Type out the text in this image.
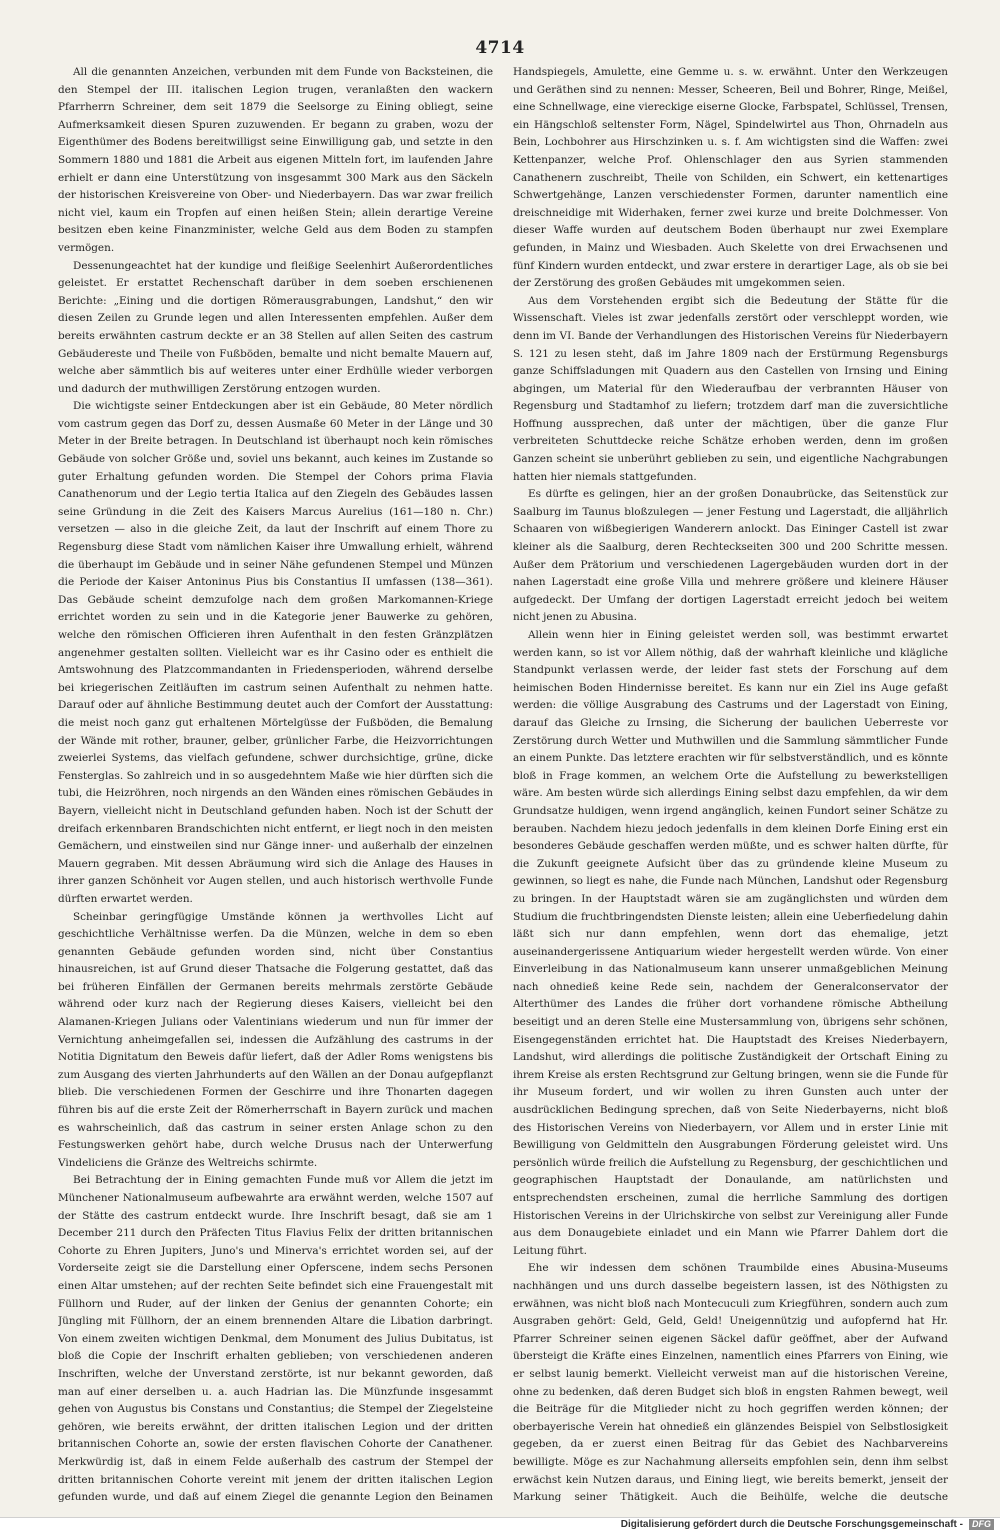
4714

All die genannten Anzeichen, verbunden mit dem Funde von Backsteinen, die den Stempel der III. italischen Legion trugen, veranlaßten den wackern Pfarrherrn Schreiner, dem seit 1879 die Seelsorge zu Eining obliegt, seine Aufmerksamkeit diesen Spuren zuzuwenden. Er begann zu graben, wozu der Eigenthümer des Bodens bereitwilligst seine Einwilligung gab, und setzte in den Sommern 1880 und 1881 die Arbeit aus eigenen Mitteln fort, im laufenden Jahre erhielt er dann eine Unterstützung von insgesammt 300 Mark aus den Säckeln der historischen Kreisvereine von Ober- und Niederbayern. Das war zwar freilich nicht viel, kaum ein Tropfen auf einen heißen Stein; allein derartige Vereine besitzen eben keine Finanzminister, welche Geld aus dem Boden zu stampfen vermögen.

Dessenungeachtet hat der kundige und fleißige Seelenhirt Außerordentliches geleistet. Er erstattet Rechenschaft darüber in dem soeben erschienenen Berichte: „Eining und die dortigen Römerausgrabungen, Landshut,“ den wir diesen Zeilen zu Grunde legen und allen Interessenten empfehlen. Außer dem bereits erwähnten castrum deckte er an 38 Stellen auf allen Seiten des castrum Gebäudereste und Theile von Fußböden, bemalte und nicht bemalte Mauern auf, welche aber sämmtlich bis auf weiteres unter einer Erdhülle wieder verborgen und dadurch der muthwilligen Zerstörung entzogen wurden.

Die wichtigste seiner Entdeckungen aber ist ein Gebäude, 80 Meter nördlich vom castrum gegen das Dorf zu, dessen Ausmaße 60 Meter in der Länge und 30 Meter in der Breite betragen. In Deutschland ist überhaupt noch kein römisches Gebäude von solcher Größe und, soviel uns bekannt, auch keines im Zustande so guter Erhaltung gefunden worden. Die Stempel der Cohors prima Flavia Canathenorum und der Legio tertia Italica auf den Ziegeln des Gebäudes lassen seine Gründung in die Zeit des Kaisers Marcus Aurelius (161—180 n. Chr.) versetzen — also in die gleiche Zeit, da laut der Inschrift auf einem Thore zu Regensburg diese Stadt vom nämlichen Kaiser ihre Umwallung erhielt, während die überhaupt im Gebäude und in seiner Nähe gefundenen Stempel und Münzen die Periode der Kaiser Antoninus Pius bis Constantius II umfassen (138—361). Das Gebäude scheint demzufolge nach dem großen Markomannen-Kriege errichtet worden zu sein und in die Kategorie jener Bauwerke zu gehören, welche den römischen Officieren ihren Aufenthalt in den festen Gränzplätzen angenehmer gestalten sollten. Vielleicht war es ihr Casino oder es enthielt die Amtswohnung des Platzcommandanten in Friedensperioden, während derselbe bei kriegerischen Zeitläuften im castrum seinen Aufenthalt zu nehmen hatte. Darauf oder auf ähnliche Bestimmung deutet auch der Comfort der Ausstattung: die meist noch ganz gut erhaltenen Mörtelgüsse der Fußböden, die Bemalung der Wände mit rother, brauner, gelber, grünlicher Farbe, die Heizvorrichtungen zweierlei Systems, das vielfach gefundene, schwer durchsichtige, grüne, dicke Fensterglas. So zahlreich und in so ausgedehntem Maße wie hier dürften sich die tubi, die Heizröhren, noch nirgends an den Wänden eines römischen Gebäudes in Bayern, vielleicht nicht in Deutschland gefunden haben. Noch ist der Schutt der dreifach erkennbaren Brandschichten nicht entfernt, er liegt noch in den meisten Gemächern, und einstweilen sind nur Gänge inner- und außerhalb der einzelnen Mauern gegraben. Mit dessen Abräumung wird sich die Anlage des Hauses in ihrer ganzen Schönheit vor Augen stellen, und auch historisch werthvolle Funde dürften erwartet werden.

Scheinbar geringfügige Umstände können ja werthvolles Licht auf geschichtliche Verhältnisse werfen. Da die Münzen, welche in dem so eben genannten Gebäude gefunden worden sind, nicht über Constantius hinausreichen, ist auf Grund dieser Thatsache die Folgerung gestattet, daß das bei früheren Einfällen der Germanen bereits mehrmals zerstörte Gebäude während oder kurz nach der Regierung dieses Kaisers, vielleicht bei den Alamanen-Kriegen Julians oder Valentinians wiederum und nun für immer der Vernichtung anheimgefallen sei, indessen die Aufzählung des castrums in der Notitia Dignitatum den Beweis dafür liefert, daß der Adler Roms wenigstens bis zum Ausgang des vierten Jahrhunderts auf den Wällen an der Donau aufgepflanzt blieb. Die verschiedenen Formen der Geschirre und ihre Thonarten dagegen führen bis auf die erste Zeit der Römerherrschaft in Bayern zurück und machen es wahrscheinlich, daß das castrum in seiner ersten Anlage schon zu den Festungswerken gehört habe, durch welche Drusus nach der Unterwerfung Vindeliciens die Gränze des Weltreichs schirmte.

Bei Betrachtung der in Eining gemachten Funde muß vor Allem die jetzt im Münchener Nationalmuseum aufbewahrte ara erwähnt werden, welche 1507 auf der Stätte des castrum entdeckt wurde. Ihre Inschrift besagt, daß sie am 1 December 211 durch den Präfecten Titus Flavius Felix der dritten britannischen Cohorte zu Ehren Jupiters, Juno's und Minerva's errichtet worden sei, auf der Vorderseite zeigt sie die Darstellung einer Opferscene, indem sechs Personen einen Altar umstehen; auf der rechten Seite befindet sich eine Frauengestalt mit Füllhorn und Ruder, auf der linken der Genius der genannten Cohorte; ein Jüngling mit Füllhorn, der an einem brennenden Altare die Libation darbringt. Von einem zweiten wichtigen Denkmal, dem Monument des Julius Dubitatus, ist bloß die Copie der Inschrift erhalten geblieben; von verschiedenen anderen Inschriften, welche der Unverstand zerstörte, ist nur bekannt geworden, daß man auf einer derselben u. a. auch Hadrian las. Die Münzfunde insgesammt gehen von Augustus bis Constans und Constantius; die Stempel der Ziegelsteine gehören, wie bereits erwähnt, der dritten italischen Legion und der dritten britannischen Cohorte an, sowie der ersten flavischen Cohorte der Canathener. Merkwürdig ist, daß in einem Felde außerhalb des castrum der Stempel der dritten britannischen Cohorte vereint mit jenem der dritten italischen Legion gefunden wurde, und daß auf einem Ziegel die genannte Legion den Beinamen

Handspiegels, Amulette, eine Gemme u. s. w. erwähnt. Unter den Werkzeugen und Geräthen sind zu nennen: Messer, Scheeren, Beil und Bohrer, Ringe, Meißel, eine Schnellwage, eine viereckige eiserne Glocke, Farbspatel, Schlüssel, Trensen, ein Hängschloß seltenster Form, Nägel, Spindelwirtel aus Thon, Ohrnadeln aus Bein, Lochbohrer aus Hirschzinken u. s. f. Am wichtigsten sind die Waffen: zwei Kettenpanzer, welche Prof. Ohlenschlager den aus Syrien stammenden Canathenern zuschreibt, Theile von Schilden, ein Schwert, ein kettenartiges Schwertgehänge, Lanzen verschiedenster Formen, darunter namentlich eine dreischneidige mit Widerhaken, ferner zwei kurze und breite Dolchmesser. Von dieser Waffe wurden auf deutschem Boden überhaupt nur zwei Exemplare gefunden, in Mainz und Wiesbaden. Auch Skelette von drei Erwachsenen und fünf Kindern wurden entdeckt, und zwar erstere in derartiger Lage, als ob sie bei der Zerstörung des großen Gebäudes mit umgekommen seien.

Aus dem Vorstehenden ergibt sich die Bedeutung der Stätte für die Wissenschaft. Vieles ist zwar jedenfalls zerstört oder verschleppt worden, wie denn im VI. Bande der Verhandlungen des Historischen Vereins für Niederbayern S. 121 zu lesen steht, daß im Jahre 1809 nach der Erstürmung Regensburgs ganze Schiffsladungen mit Quadern aus den Castellen von Irnsing und Eining abgingen, um Material für den Wiederaufbau der verbrannten Häuser von Regensburg und Stadtamhof zu liefern; trotzdem darf man die zuversichtliche Hoffnung aussprechen, daß unter der mächtigen, über die ganze Flur verbreiteten Schuttdecke reiche Schätze erhoben werden, denn im großen Ganzen scheint sie unberührt geblieben zu sein, und eigentliche Nachgrabungen hatten hier niemals stattgefunden.

Es dürfte es gelingen, hier an der großen Donaubrücke, das Seitenstück zur Saalburg im Taunus bloßzulegen — jener Festung und Lagerstadt, die alljährlich Schaaren von wißbegierigen Wanderern anlockt. Das Eininger Castell ist zwar kleiner als die Saalburg, deren Rechteckseiten 300 und 200 Schritte messen. Außer dem Prätorium und verschiedenen Lagergebäuden wurden dort in der nahen Lagerstadt eine große Villa und mehrere größere und kleinere Häuser aufgedeckt. Der Umfang der dortigen Lagerstadt erreicht jedoch bei weitem nicht jenen zu Abusina.

Allein wenn hier in Eining geleistet werden soll, was bestimmt erwartet werden kann, so ist vor Allem nöthig, daß der wahrhaft kleinliche und klägliche Standpunkt verlassen werde, der leider fast stets der Forschung auf dem heimischen Boden Hindernisse bereitet. Es kann nur ein Ziel ins Auge gefaßt werden: die völlige Ausgrabung des Castrums und der Lagerstadt von Eining, darauf das Gleiche zu Irnsing, die Sicherung der baulichen Ueberreste vor Zerstörung durch Wetter und Muthwillen und die Sammlung sämmtlicher Funde an einem Punkte. Das letztere erachten wir für selbstverständlich, und es könnte bloß in Frage kommen, an welchem Orte die Aufstellung zu bewerkstelligen wäre. Am besten würde sich allerdings Eining selbst dazu empfehlen, da wir dem Grundsatze huldigen, wenn irgend angänglich, keinen Fundort seiner Schätze zu berauben. Nachdem hiezu jedoch jedenfalls in dem kleinen Dorfe Eining erst ein besonderes Gebäude geschaffen werden müßte, und es schwer halten dürfte, für die Zukunft geeignete Aufsicht über das zu gründende kleine Museum zu gewinnen, so liegt es nahe, die Funde nach München, Landshut oder Regensburg zu bringen. In der Hauptstadt wären sie am zugänglichsten und würden dem Studium die fruchtbringendsten Dienste leisten; allein eine Ueberfiedelung dahin läßt sich nur dann empfehlen, wenn dort das ehemalige, jetzt auseinandergerissene Antiquarium wieder hergestellt werden würde. Von einer Einverleibung in das Nationalmuseum kann unserer unmaßgeblichen Meinung nach ohnedieß keine Rede sein, nachdem der Generalconservator der Alterthümer des Landes die früher dort vorhandene römische Abtheilung beseitigt und an deren Stelle eine Mustersammlung von, übrigens sehr schönen, Eisengegenständen errichtet hat. Die Hauptstadt des Kreises Niederbayern, Landshut, wird allerdings die politische Zuständigkeit der Ortschaft Eining zu ihrem Kreise als ersten Rechtsgrund zur Geltung bringen, wenn sie die Funde für ihr Museum fordert, und wir wollen zu ihren Gunsten auch unter der ausdrücklichen Bedingung sprechen, daß von Seite Niederbayerns, nicht bloß des Historischen Vereins von Niederbayern, vor Allem und in erster Linie mit Bewilligung von Geldmitteln den Ausgrabungen Förderung geleistet wird. Uns persönlich würde freilich die Aufstellung zu Regensburg, der geschichtlichen und geographischen Hauptstadt der Donaulande, am natürlichsten und entsprechendsten erscheinen, zumal die herrliche Sammlung des dortigen Historischen Vereins in der Ulrichskirche von selbst zur Vereinigung aller Funde aus dem Donaugebiete einladet und ein Mann wie Pfarrer Dahlem dort die Leitung führt.

Ehe wir indessen dem schönen Traumbilde eines Abusina-Museums nachhängen und uns durch dasselbe begeistern lassen, ist des Nöthigsten zu erwähnen, was nicht bloß nach Montecuculi zum Kriegführen, sondern auch zum Ausgraben gehört: Geld, Geld, Geld! Uneigennützig und aufopfernd hat Hr. Pfarrer Schreiner seinen eigenen Säckel dafür geöffnet, aber der Aufwand übersteigt die Kräfte eines Einzelnen, namentlich eines Pfarrers von Eining, wie er selbst launig bemerkt. Vielleicht verweist man auf die historischen Vereine, ohne zu bedenken, daß deren Budget sich bloß in engsten Rahmen bewegt, weil die Beiträge für die Mitglieder nicht zu hoch gegriffen werden können; der oberbayerische Verein hat ohnedieß ein glänzendes Beispiel von Selbstlosigkeit gegeben, da er zuerst einen Beitrag für das Gebiet des Nachbarvereins bewilligte. Möge es zur Nachahmung allerseits empfohlen sein, denn ihm selbst erwächst kein Nutzen daraus, und Eining liegt, wie bereits bemerkt, jenseit der Markung seiner Thätigkeit. Auch die Beihülfe, welche die deutsche

Digitalisierung gefördert durch die Deutsche Forschungsgemeinschaft -	DFG
